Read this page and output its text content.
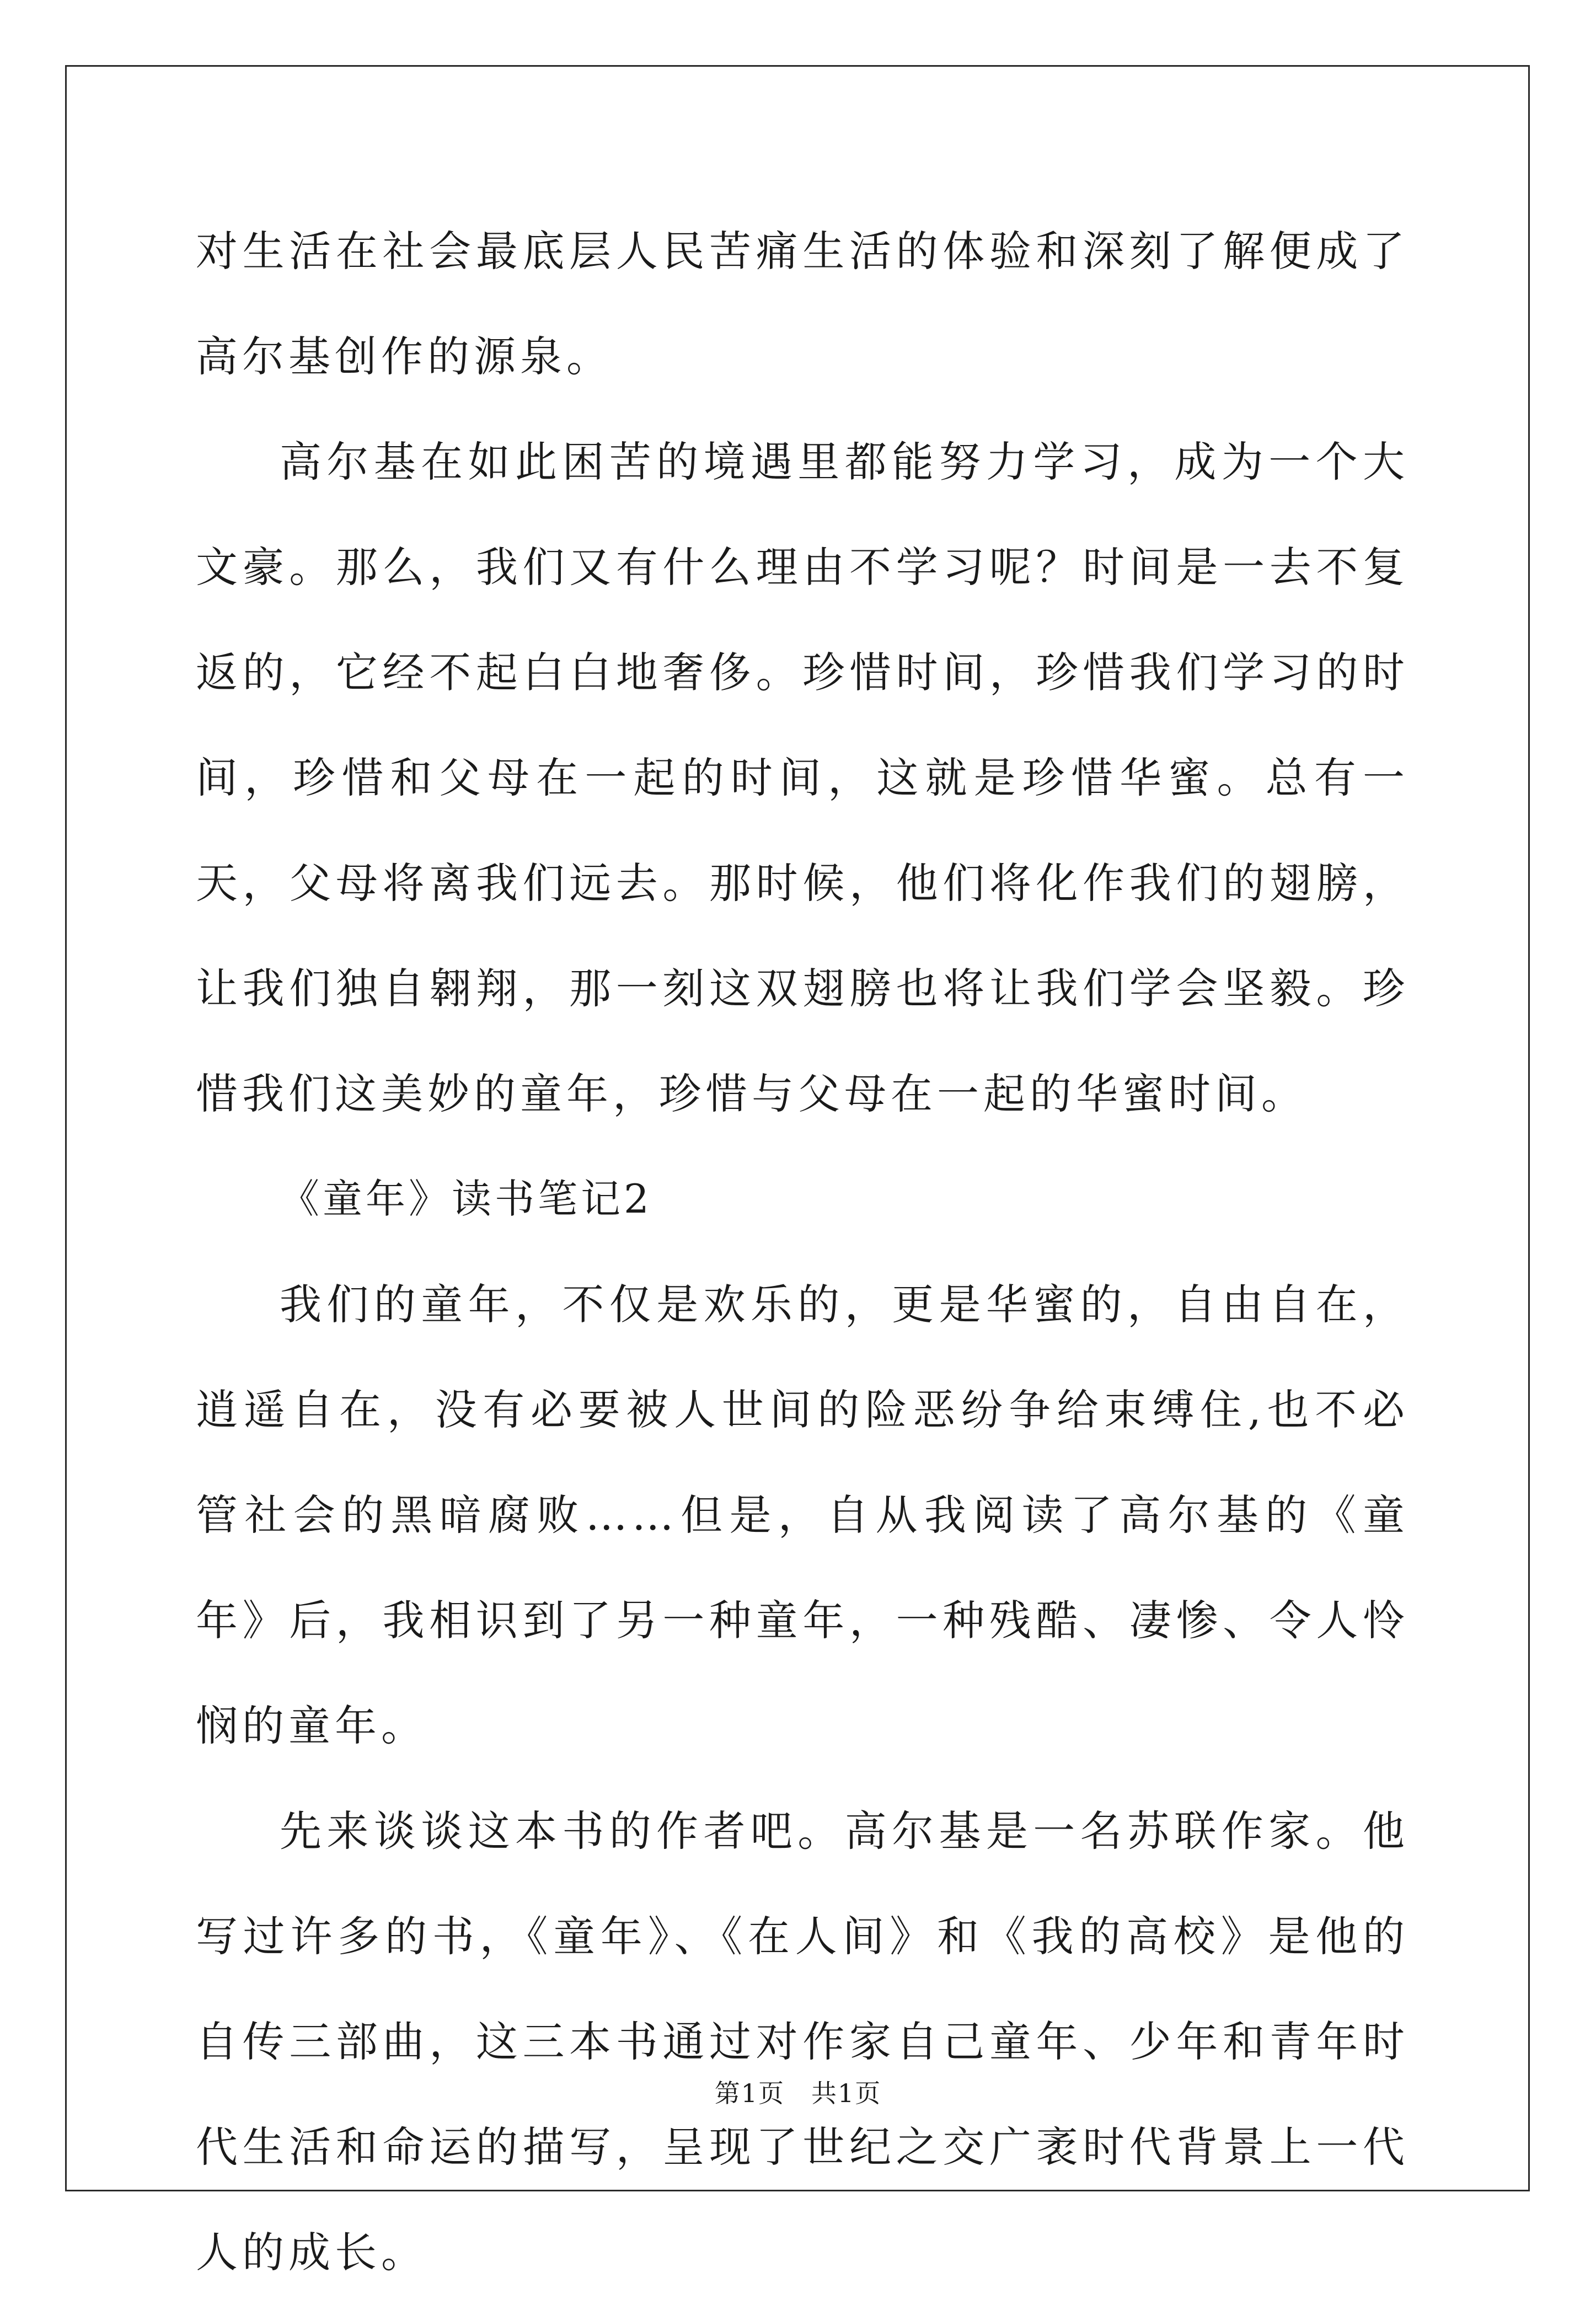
对生活在社会最底层人民苦痛生活的体验和深刻了解便成了高尔基创作的源泉。

高尔基在如此困苦的境遇里都能努力学习，成为一个大文豪。那么，我们又有什么理由不学习呢？时间是一去不复返的，它经不起白白地奢侈。珍惜时间，珍惜我们学习的时间，珍惜和父母在一起的时间，这就是珍惜华蜜。总有一天，父母将离我们远去。那时候，他们将化作我们的翅膀，让我们独自翱翔，那一刻这双翅膀也将让我们学会坚毅。珍惜我们这美妙的童年，珍惜与父母在一起的华蜜时间。

《童年》读书笔记2

我们的童年，不仅是欢乐的，更是华蜜的，自由自在，逍遥自在，没有必要被人世间的险恶纷争给束缚住,也不必管社会的黑暗腐败……但是，自从我阅读了高尔基的《童年》后，我相识到了另一种童年，一种残酷、凄惨、令人怜悯的童年。

先来谈谈这本书的作者吧。高尔基是一名苏联作家。他写过许多的书，《童年》、《在人间》和《我的高校》是他的自传三部曲，这三本书通过对作家自己童年、少年和青年时代生活和命运的描写，呈现了世纪之交广袤时代背景上一代人的成长。

第1页 共1页
